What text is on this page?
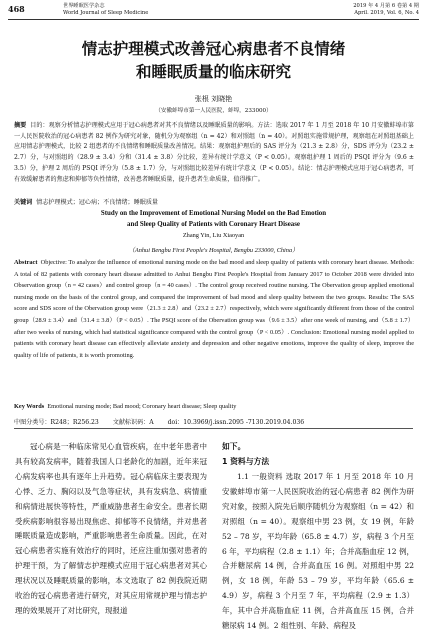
468	世界睡眠医学杂志
World Journal of Sleep Medicine
2019 年 4 月第 6 卷第 4 期
April. 2019, Vol. 6, No. 4
情志护理模式改善冠心病患者不良情绪
和睡眠质量的临床研究
张根 刘晓艳
（安徽蚌埠市第一人民医院，蚌埠，233000）

摘要 目的：观察分析情志护理模式应用于冠心病患者对其不良情绪以及睡眠质量的影响。方法：选取 2017 年 1 月至 2018 年 10 月安徽蚌埠市第一人民医院收治的冠心病患者 82 例作为研究对象，随机分为观察组（n = 42）和对照组（n = 40）。对照组实施常规护理，观察组在对照组基础上应用情志护理模式，比较 2 组患者的不良情绪和睡眠质量改善情况。结果：观察组护理后的 SAS 评分为（21.3 ± 2.8）分，SDS 评分为（23.2 ± 2.7）分，与对照组的（28.9 ± 3.4）分和（31.4 ± 3.8）分比较，差异有统计学意义（P < 0.05）。观察组护理 1 周后的 PSQI 评分为（9.6 ± 3.5）分，护理 2 周后的 PSQI 评分为（5.8 ± 1.7）分，与对照组比较差异有统计学意义（P < 0.05）。结论：情志护理模式应用于冠心病患者，可有效缓解患者的焦虑和抑郁等负性情绪，改善患者睡眠质量，提升患者生命质量，值得推广。

关键词 情志护理模式；冠心病；不良情绪；睡眠质量
Study on the Improvement of Emotional Nursing Model on the Bad Emotion
and Sleep Quality of Patients with Coronary Heart Disease
Zhang Yin, Liu Xiaoyan
（Anhui Bengbu First People's Hospital, Bengbu 233000, China）

Abstract Objective: To analyze the influence of emotional nursing mode on the bad mood and sleep quality of patients with coronary heart disease. Methods: A total of 82 patients with coronary heart disease admitted to Anhui Bengbu First People's Hospital from January 2017 to October 2018 were divided into Observation group（n = 42 cases）and control group（n = 40 cases）. The control group received routine nursing. The Obervation group applied emotional nursing mode on the basis of the control group, and compared the improvement of bad mood and sleep quality between the two groups. Results: The SAS score and SDS score of the Obervation group were（21.3 ± 2.8）and（23.2 ± 2.7）respectively, which were significantly different from those of the control group（28.9 ± 3.4）and（31.4 ± 3.8）（P < 0.05）. The PSQI score of the Obervation group was（9.6 ± 3.5）after one week of nursing, and（5.8 ± 1.7）after two weeks of nursing, which had statistical significance compared with the control group（P < 0.05）. Conclusion: Emotional nursing model applied to patients with coronary heart disease can effectively alleviate anxiety and depression and other negative emotions, improve the quality of sleep, improve the quality of life of patients, it is worth promoting.

Key Words Emotional nursing mode; Bad mood; Coronary heart disease; Sleep quality
中图分类号：R248；R256.23 文献标识码：A doi：10.3969/j.issn.2095 -7130.2019.04.036

冠心病是一种临床常见心血管疾病，在中老年患者中具有较高发病率，随着我国人口老龄化的加剧，近年来冠心病发病率也具有逐年上升趋势。冠心病临床主要表现为心悸、乏力、胸闷以及气急等症状，具有发病急、病情重和病情进展快等特性，严重威胁患者生命安全。患者长期受疾病影响很容易出现焦虑、抑郁等不良情绪，并对患者睡眠质量造成影响，严重影响患者生命质量。因此，在对冠心病患者实施有效治疗的同时，还应注重加强对患者的护理干预，为了解情志护理模式应用于冠心病患者对其心理状况以及睡眠质量的影响，本文选取了 82 例我院近期收治的冠心病患者进行研究，对其应用常规护理与情志护理的效果展开了对比研究，现报道

如下。
1 资料与方法

1.1 一般资料 选取 2017 年 1 月至 2018 年 10 月安徽蚌埠市第一人民医院收治的冠心病患者 82 例作为研究对象，按照入院先后顺序随机分为观察组（n = 42）和对照组（n = 40）。观察组中男 23 例，女 19 例，年龄 52 – 78 岁，平均年龄（65.8 ± 4.7）岁，病程 3 个月至 6 年，平均病程（2.8 ± 1.1）年；合并高脂血症 12 例，合并糖尿病 14 例，合并高血压 16 例。对照组中男 22 例，女 18 例，年龄 53 – 79 岁，平均年龄（65.6 ± 4.9）岁，病程 3 个月至 7 年，平均病程（2.9 ± 1.3）年，其中合并高脂血症 11 例，合并高血压 15 例，合并糖尿病 14 例。2 组性别、年龄、病程及
